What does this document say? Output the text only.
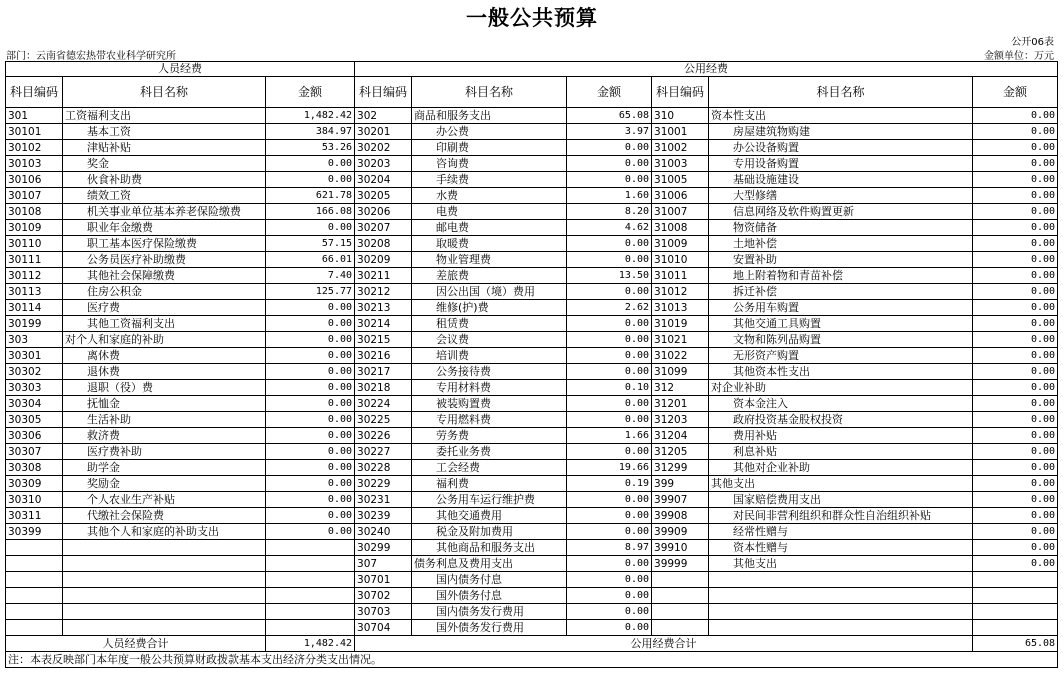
一般公共预算
公开06表
部门：云南省德宏热带农业科学研究所	金额单位：万元
人员经费			公用经费					
科目编码	科目名称	金额	科目编码	科目名称	金额	科目编码	科目名称	金额
301	工资福利支出	1,482.42	302	商品和服务支出	65.08	310	资本性支出	0.00
30101	基本工资	384.97	30201	办公费	3.97	31001	房屋建筑物购建	0.00
30102	津贴补贴	53.26	30202	印刷费	0.00	31002	办公设备购置	0.00
30103	奖金	0.00	30203	咨询费	0.00	31003	专用设备购置	0.00
30106	伙食补助费	0.00	30204	手续费	0.00	31005	基础设施建设	0.00
30107	绩效工资	621.78	30205	水费	1.60	31006	大型修缮	0.00
30108	机关事业单位基本养老保险缴费	166.08	30206	电费	8.20	31007	信息网络及软件购置更新	0.00
30109	职业年金缴费	0.00	30207	邮电费	4.62	31008	物资储备	0.00
30110	职工基本医疗保险缴费	57.15	30208	取暖费	0.00	31009	土地补偿	0.00
30111	公务员医疗补助缴费	66.01	30209	物业管理费	0.00	31010	安置补助	0.00
30112	其他社会保障缴费	7.40	30211	差旅费	13.50	31011	地上附着物和青苗补偿	0.00
30113	住房公积金	125.77	30212	因公出国（境）费用	0.00	31012	拆迁补偿	0.00
30114	医疗费	0.00	30213	维修(护)费	2.62	31013	公务用车购置	0.00
30199	其他工资福利支出	0.00	30214	租赁费	0.00	31019	其他交通工具购置	0.00
303	对个人和家庭的补助	0.00	30215	会议费	0.00	31021	文物和陈列品购置	0.00
30301	离休费	0.00	30216	培训费	0.00	31022	无形资产购置	0.00
30302	退休费	0.00	30217	公务接待费	0.00	31099	其他资本性支出	0.00
30303	退职（役）费	0.00	30218	专用材料费	0.10	312	对企业补助	0.00
30304	抚恤金	0.00	30224	被装购置费	0.00	31201	资本金注入	0.00
30305	生活补助	0.00	30225	专用燃料费	0.00	31203	政府投资基金股权投资	0.00
30306	救济费	0.00	30226	劳务费	1.66	31204	费用补贴	0.00
30307	医疗费补助	0.00	30227	委托业务费	0.00	31205	利息补贴	0.00
30308	助学金	0.00	30228	工会经费	19.66	31299	其他对企业补助	0.00
30309	奖励金	0.00	30229	福利费	0.19	399	其他支出	0.00
30310	个人农业生产补贴	0.00	30231	公务用车运行维护费	0.00	39907	国家赔偿费用支出	0.00
30311	代缴社会保险费	0.00	30239	其他交通费用	0.00	39908	对民间非营利组织和群众性自治组织补贴	0.00
30399	其他个人和家庭的补助支出	0.00	30240	税金及附加费用	0.00	39909	经常性赠与	0.00
			30299	其他商品和服务支出	8.97	39910	资本性赠与	0.00
			307	债务利息及费用支出	0.00	39999	其他支出	0.00
			30701	国内债务付息	0.00			
			30702	国外债务付息	0.00			
			30703	国内债务发行费用	0.00			
			30704	国外债务发行费用	0.00			
人员经费合计		1,482.42	公用经费合计					65.08
注：本表反映部门本年度一般公共预算财政拨款基本支出经济分类支出情况。								
